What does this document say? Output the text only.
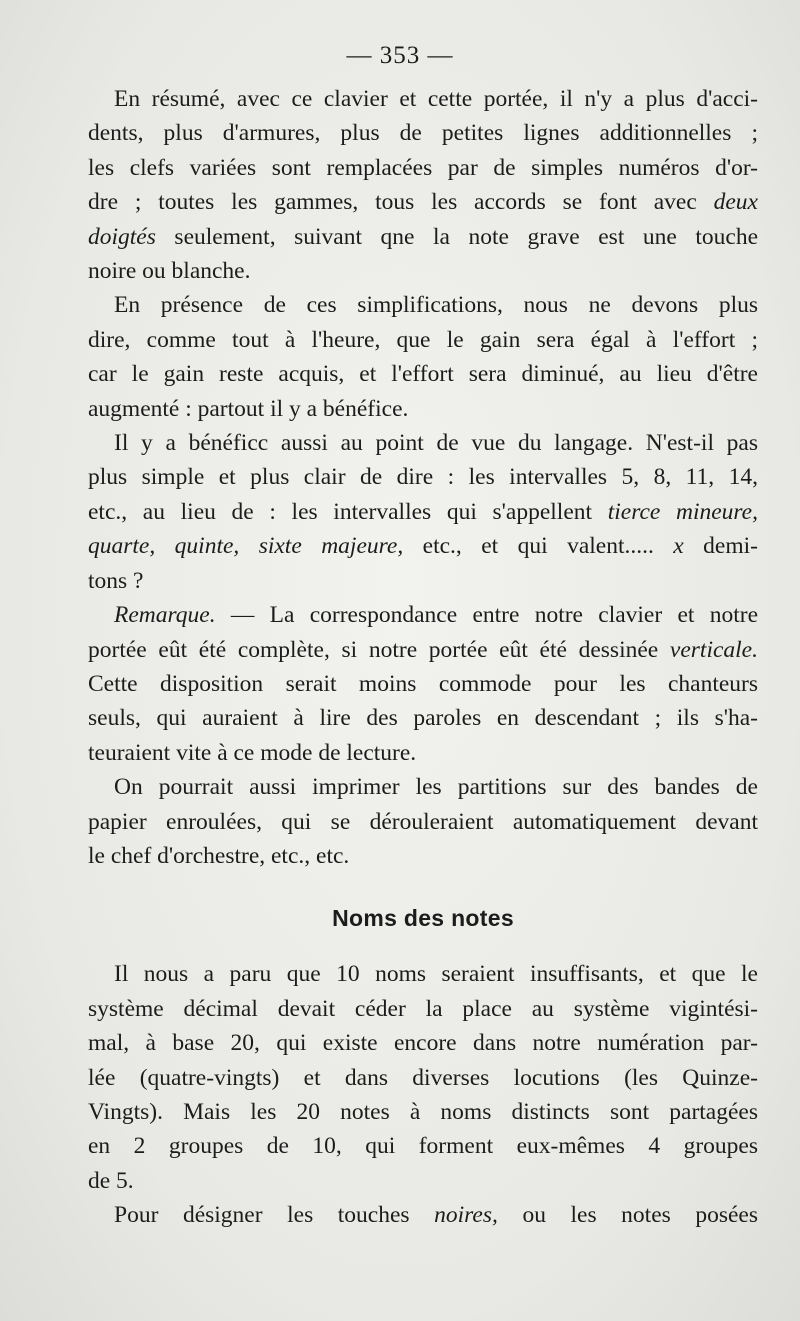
— 353 —
En résumé, avec ce clavier et cette portée, il n'y a plus d'acci-
dents, plus d'armures, plus de petites lignes additionnelles ;
les clefs variées sont remplacées par de simples numéros d'or-
dre ; toutes les gammes, tous les accords se font avec deux
doigtés seulement, suivant qne la note grave est une touche
noire ou blanche.
En présence de ces simplifications, nous ne devons plus
dire, comme tout à l'heure, que le gain sera égal à l'effort ;
car le gain reste acquis, et l'effort sera diminué, au lieu d'être
augmenté : partout il y a bénéfice.
Il y a bénéficc aussi au point de vue du langage. N'est-il pas
plus simple et plus clair de dire : les intervalles 5, 8, 11, 14,
etc., au lieu de : les intervalles qui s'appellent tierce mineure,
quarte, quinte, sixte majeure, etc., et qui valent..... x demi-
tons ?
Remarque. — La correspondance entre notre clavier et notre
portée eût été complète, si notre portée eût été dessinée verticale.
Cette disposition serait moins commode pour les chanteurs
seuls, qui auraient à lire des paroles en descendant ; ils s'ha-
teuraient vite à ce mode de lecture.
On pourrait aussi imprimer les partitions sur des bandes de
papier enroulées, qui se dérouleraient automatiquement devant
le chef d'orchestre, etc., etc.
Noms des notes
Il nous a paru que 10 noms seraient insuffisants, et que le
système décimal devait céder la place au système vigintési-
mal, à base 20, qui existe encore dans notre numération par-
lée (quatre-vingts) et dans diverses locutions (les Quinze-
Vingts). Mais les 20 notes à noms distincts sont partagées
en 2 groupes de 10, qui forment eux-mêmes 4 groupes
de 5.
Pour désigner les touches noires, ou les notes posées
